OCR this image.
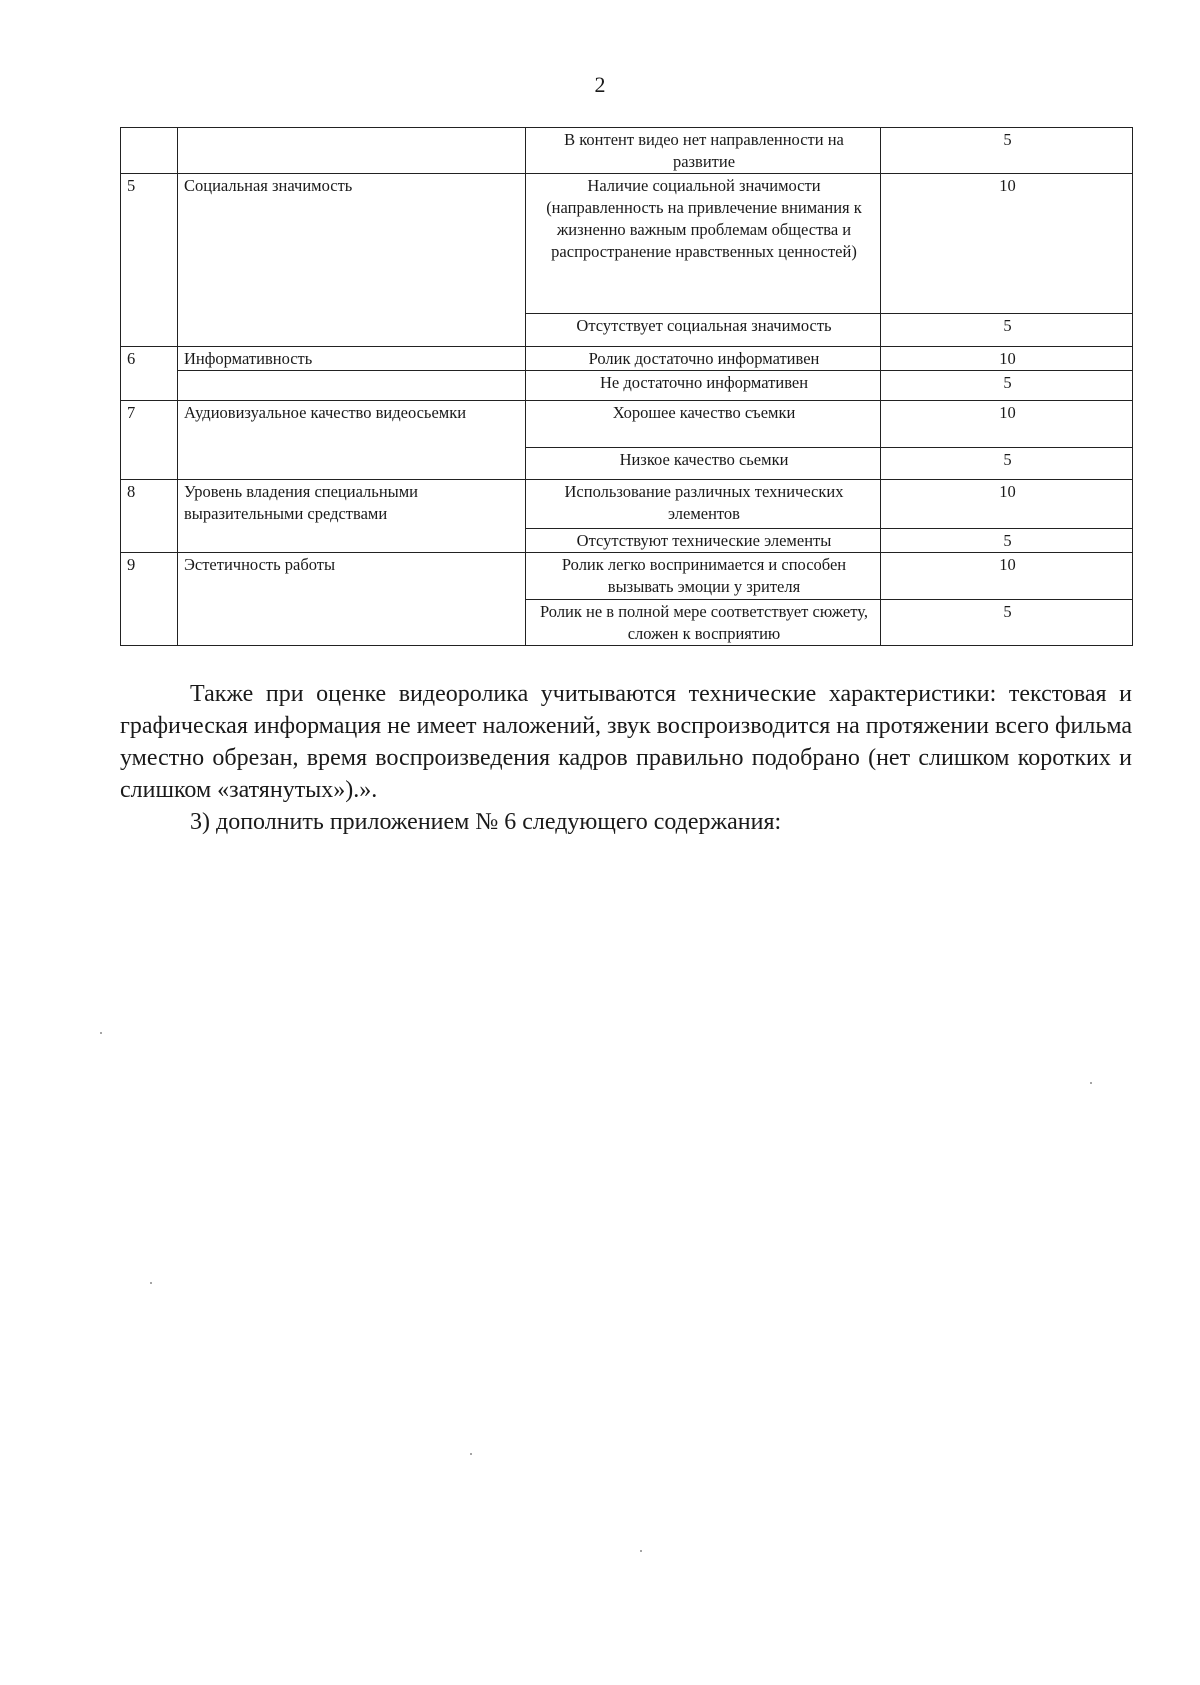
2
		В контент видео нет направленности на развитие	5
5	Социальная значимость	Наличие социальной значимости (направленность на привлечение внимания к жизненно важным проблемам общества и распространение нравственных ценностей)	10
		Отсутствует социальная значимость	5
6	Информативность	Ролик достаточно информативен	10
		Не достаточно информативен	5
7	Аудиовизуальное качество видеосьемки	Хорошее качество съемки	10
		Низкое качество сьемки	5
8	Уровень владения специальными выразительными средствами	Использование различных технических элементов	10
		Отсутствуют технические элементы	5
9	Эстетичность работы	Ролик легко воспринимается и способен вызывать эмоции у зрителя	10
		Ролик не в полной мере соответствует сюжету, сложен к восприятию	5

Также при оценке видеоролика учитываются технические характеристики: текстовая и графическая информация не имеет наложений, звук воспроизводится на протяжении всего фильма уместно обрезан, время воспроизведения кадров правильно подобрано (нет слишком коротких и слишком «затянутых»).».

3) дополнить приложением № 6 следующего содержания:
